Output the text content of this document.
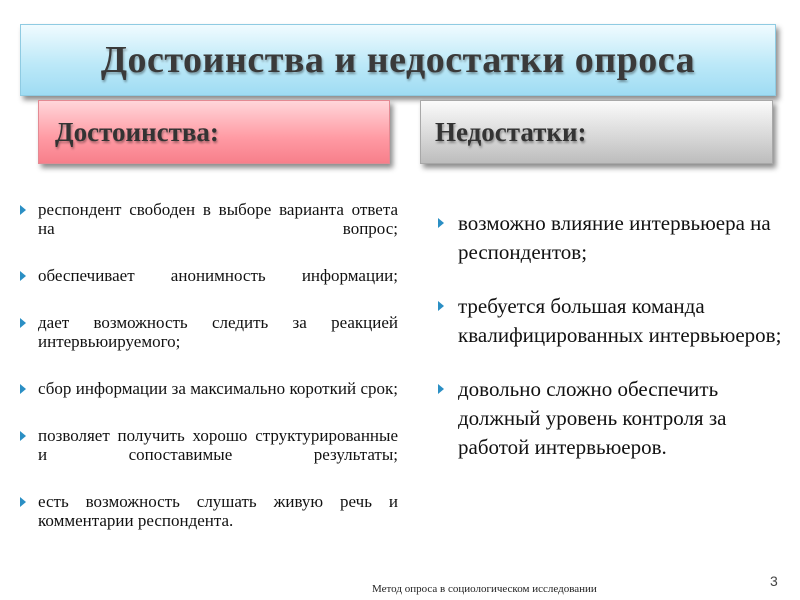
Достоинства и недостатки опроса
Достоинства:	Недостатки:
респондент свободен в выборе варианта ответа на вопрос;
обеспечивает анонимность информации;
дает возможность следить за реакцией интервьюируемого;
сбор информации за максимально короткий срок;
позволяет получить хорошо структурированные и сопоставимые результаты;
есть возможность слушать живую речь и комментарии респондента.
возможно влияние интервьюера на респондентов;
требуется большая команда квалифицированных интервьюеров;
довольно сложно обеспечить должный уровень контроля за работой интервьюеров.
Метод опроса в социологическом исследовании	3
